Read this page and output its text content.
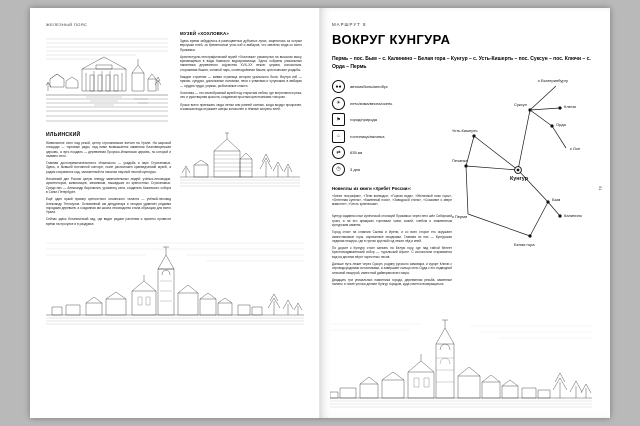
ЖЕЛЕЗНЫЙ ПОЯС
ИЛЬИНСКИЙ

Живописное село над рекой, центр строгановских вотчин на Урале. На широкой площади — торговые ряды, над ними возвышается каменная Благовещенская церковь, а чуть поодаль — деревянная Пророко-Ильинская церковь, по которой и названо село.

Главная достопримечательность Ильинского — усадьба и парк Строгановых. Здесь, в бывшей вотчинной конторе, ныне расположен краеведческий музей, а рядом сохранился сад, заложенный на началах научной лесной культуры.

Ильинский дал России целую плеяду замечательных людей: учёных-лесоводов, архитекторов, живописцев, механиков, вышедших из крепостных Строгановых. Среди них — Александр Воронихин, уроженец села, создатель Казанского собора в Санкт-Петербурге.

Ещё один яркий пример крепостного ильинского таланта — учёный-лесовод Александр Теплоухов. Основанный им дендропарк и сегодня удивляет редкими породами деревьев, а созданная им школа лесоводства стала образцом для всего Урала.

Сейчас здесь ботанический сад, где видят редкие растения и приятно провести время на прогулке и в раздумье.

МУЗЕЙ «ХОХЛОВКА»

Здесь время забудилось в разноцветных дубчатых лугах, зацепилось за острые верхушки елей, за бревенчатые углы изб и амбаров, что свезены сюда со всего Прикамья.

Архитектурно-этнографический музей «Хохловка» раскинулся на высоком мысу, врезающемся в воды Камского водохранилища. Здесь собраны уникальные памятники деревянного зодчества XVII–XX веков: церкви, колокольня, сторожевая башня, соляной ларь, солеподъёмная башня, крестьянские усадьбы.

Каждое строение — живая страница истории уральского быта. Внутри изб — прялки, сундуки, домотканые половики, печи с ухватами и чугунками; в амбарах — орудия труда, упряжь, рыболовные снасти.

Хохловка — это своеобразный музей под открытым небом, где встречаются река, лес и рукотворная красота, созданная простым крестьянским топором.

Лучше всего приезжать сюда летом или ранней осенью, когда воздух прозрачен, а камская вода отражает шатры колоколен и тёмные силуэты елей.

МАРШРУТ 8
ВОКРУГ КУНГУРА
Пермь – пос. Бым – с. Калинино – Белая гора – Кунгур – с. Усть-Кишерть – пос. Суксун – пос. Ключи – с. Орда – Пермь
●●	автомобиль/автобус
☀	лето/зима/весна/осень
⚑	город/природа
⌂	гостиница/палатка
⇄	635 км
◷	3 дня
Новеллы из книги «Хребет России»:
«Ангел географии», «Тени воеводы», «Горная вода», «Железный пояс горы», «Огненная купель», «Каменный пояс», «Заводской стиль», «Сказание о звере мамонте», «Честь купеческая».

Кунгур издавна слыл купеческой столицей Прикамья: через него шёл Сибирский тракт, а на его ярмарках торговали чаем, кожей, хлебом и знаменитым кунгурским камнем.

Город стоит на слиянии Сылвы и Ирени, и со всех сторон его окружают известняковые горы, изрезанные пещерами. Главная из них — Кунгурская ледяная пещера, где в гротах круглый год лежат лёд и иней.

По дороге к Кунгуру стоит заехать на Белую гору, где над тайгой белеет Крестовоздвиженский собор — «уральский Афон». С колокольни открывается вид на десятки вёрст окрестных лесов.

Дальше путь лежит через Суксун, родину русского самовара, и курорт Ключи с сероводородными источниками, а завершает кольцо село Орда с его подводной гипсовой пещерой, известной дайверам всего мира.

Двадцать три уникальных памятника города, деревянная резьба, каменные палаты и тихие улочки делают Кунгур городом, куда хочется возвращаться.

к Екатеринбургу
Ключи
Суксун
Орда
Усть-Кишерть
к Осе
Печанка
Кунгур
Бым
Калинино
к Перми
Белая гора
91
